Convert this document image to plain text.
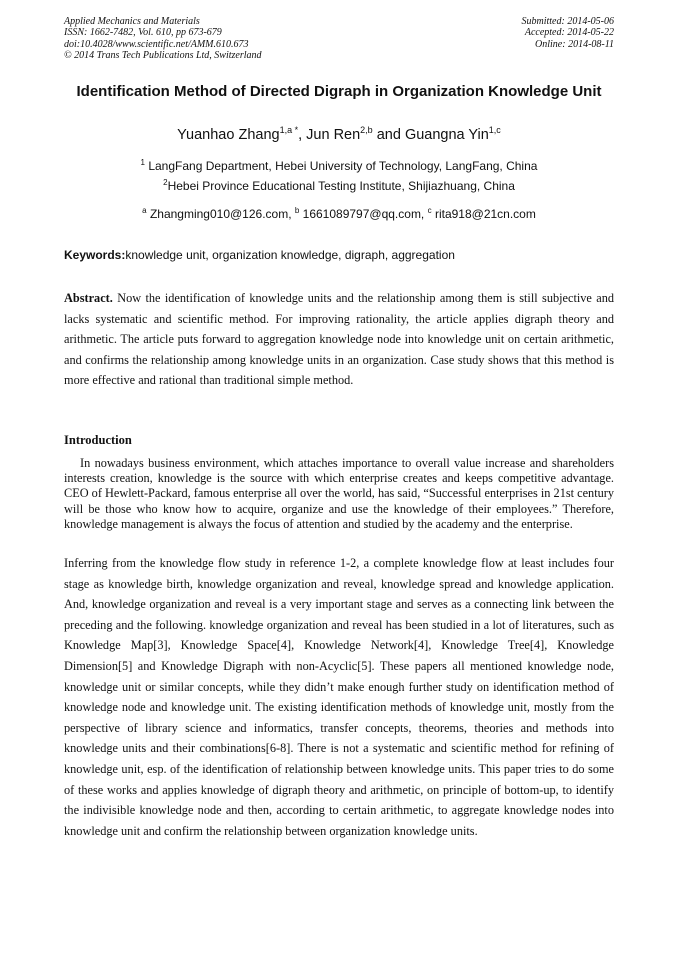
Applied Mechanics and Materials
ISSN: 1662-7482, Vol. 610, pp 673-679
doi:10.4028/www.scientific.net/AMM.610.673
© 2014 Trans Tech Publications Ltd, Switzerland
Submitted: 2014-05-06
Accepted: 2014-05-22
Online: 2014-08-11
Identification Method of Directed Digraph in Organization Knowledge Unit
Yuanhao Zhang$^{1,a *}$, Jun Ren$^{2,b}$ and Guangna Yin$^{1,c}$
$^1$ LangFang Department, Hebei University of Technology, LangFang, China
$^2$Hebei Province Educational Testing Institute, Shijiazhuang, China
$^a$ Zhangming010@126.com, $^b$ 1661089797@qq.com, $^c$ rita918@21cn.com
Keywords:knowledge unit, organization knowledge, digraph, aggregation
Abstract. Now the identification of knowledge units and the relationship among them is still subjective and lacks systematic and scientific method. For improving rationality, the article applies digraph theory and arithmetic. The article puts forward to aggregation knowledge node into knowledge unit on certain arithmetic, and confirms the relationship among knowledge units in an organization. Case study shows that this method is more effective and rational than traditional simple method.
Introduction
In nowadays business environment, which attaches importance to overall value increase and shareholders interests creation, knowledge is the source with which enterprise creates and keeps competitive advantage. CEO of Hewlett-Packard, famous enterprise all over the world, has said, “Successful enterprises in 21st century will be those who know how to acquire, organize and use the knowledge of their employees.” Therefore, knowledge management is always the focus of attention and studied by the academy and the enterprise.
Inferring from the knowledge flow study in reference 1-2, a complete knowledge flow at least includes four stage as knowledge birth, knowledge organization and reveal, knowledge spread and knowledge application. And, knowledge organization and reveal is a very important stage and serves as a connecting link between the preceding and the following. knowledge organization and reveal has been studied in a lot of literatures, such as Knowledge Map[3], Knowledge Space[4], Knowledge Network[4], Knowledge Tree[4], Knowledge Dimension[5] and Knowledge Digraph with non-Acyclic[5]. These papers all mentioned knowledge node, knowledge unit or similar concepts, while they didn’t make enough further study on identification method of knowledge node and knowledge unit. The existing identification methods of knowledge unit, mostly from the perspective of library science and informatics, transfer concepts, theorems, theories and methods into knowledge units and their combinations[6-8]. There is not a systematic and scientific method for refining of knowledge unit, esp. of the identification of relationship between knowledge units. This paper tries to do some of these works and applies knowledge of digraph theory and arithmetic, on principle of bottom-up, to identify the indivisible knowledge node and then, according to certain arithmetic, to aggregate knowledge nodes into knowledge unit and confirm the relationship between organization knowledge units.
